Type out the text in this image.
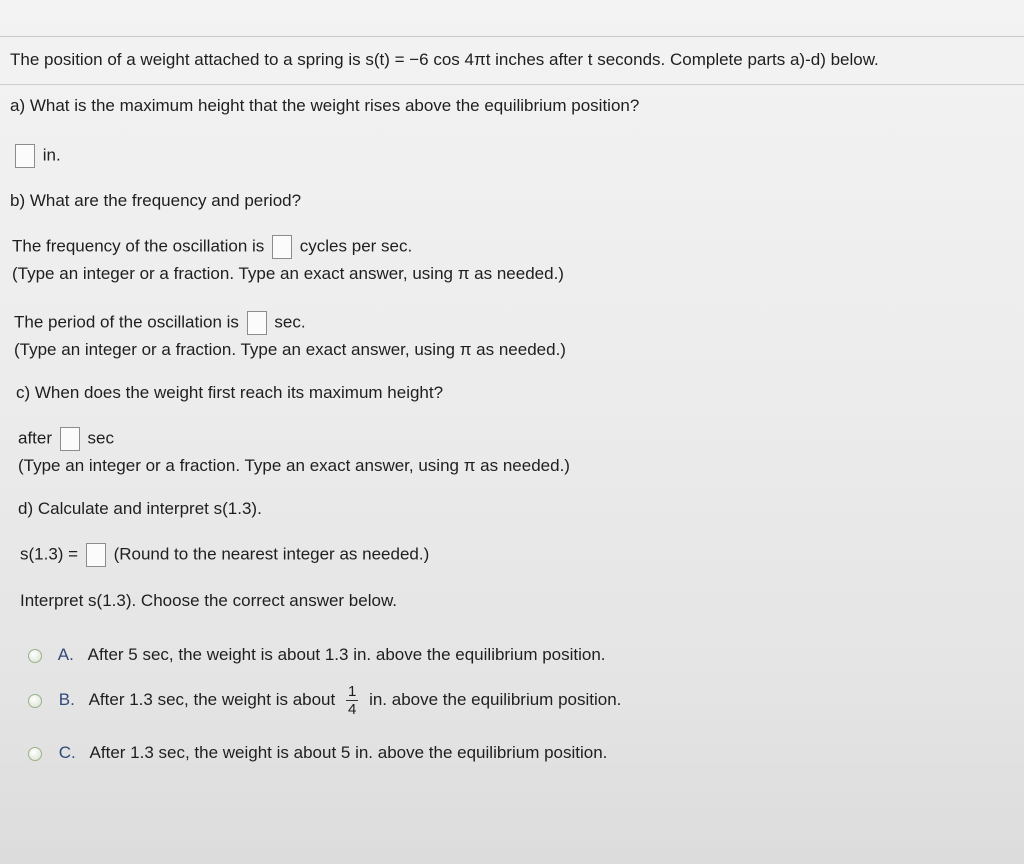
The position of a weight attached to a spring is s(t) = −6 cos 4πt inches after t seconds. Complete parts a)-d) below.
a) What is the maximum height that the weight rises above the equilibrium position?
in.
b) What are the frequency and period?
The frequency of the oscillation is cycles per sec.
(Type an integer or a fraction. Type an exact answer, using π as needed.)
The period of the oscillation is sec.
(Type an integer or a fraction. Type an exact answer, using π as needed.)
c) When does the weight first reach its maximum height?
after sec
(Type an integer or a fraction. Type an exact answer, using π as needed.)
d) Calculate and interpret s(1.3).
s(1.3) = (Round to the nearest integer as needed.)
Interpret s(1.3). Choose the correct answer below.
A. After 5 sec, the weight is about 1.3 in. above the equilibrium position.
B. After 1.3 sec, the weight is about $\frac{1}{4}$ in. above the equilibrium position.
C. After 1.3 sec, the weight is about 5 in. above the equilibrium position.
